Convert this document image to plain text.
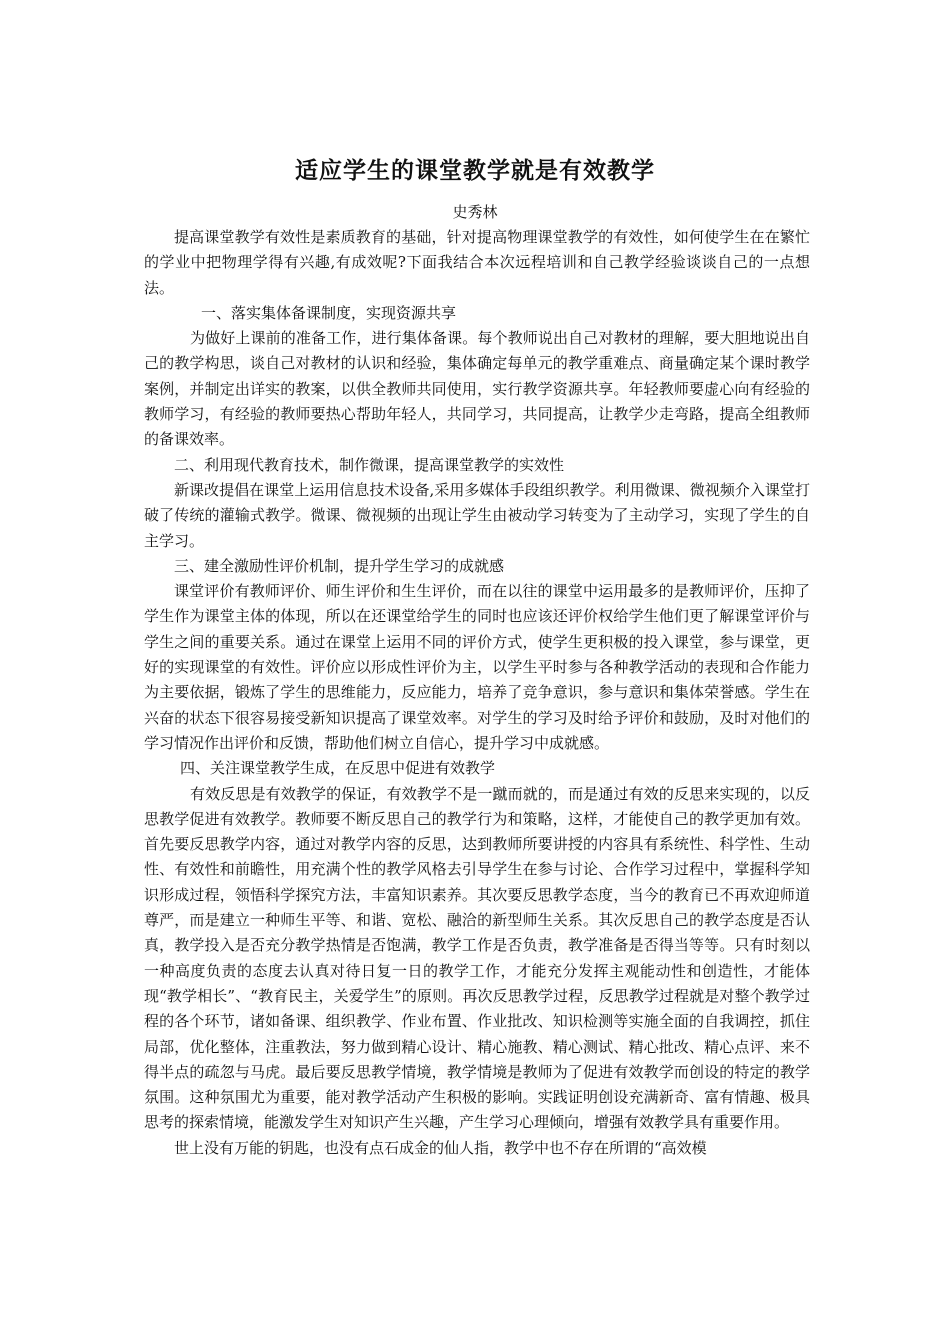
适应学生的课堂教学就是有效教学

史秀林

提高课堂教学有效性是素质教育的基础，针对提高物理课堂教学的有效性，如何使学生在在繁忙的学业中把物理学得有兴趣,有成效呢?下面我结合本次远程培训和自己教学经验谈谈自己的一点想法。

一、落实集体备课制度，实现资源共享

为做好上课前的准备工作，进行集体备课。每个教师说出自己对教材的理解，要大胆地说出自己的教学构思，谈自己对教材的认识和经验，集体确定每单元的教学重难点、商量确定某个课时教学案例，并制定出详实的教案，以供全教师共同使用，实行教学资源共享。年轻教师要虚心向有经验的教师学习，有经验的教师要热心帮助年轻人，共同学习，共同提高，让教学少走弯路，提高全组教师的备课效率。

二、利用现代教育技术，制作微课，提高课堂教学的实效性

新课改提倡在课堂上运用信息技术设备,采用多媒体手段组织教学。利用微课、微视频介入课堂打破了传统的灌输式教学。微课、微视频的出现让学生由被动学习转变为了主动学习，实现了学生的自主学习。

三、建全激励性评价机制，提升学生学习的成就感

课堂评价有教师评价、师生评价和生生评价，而在以往的课堂中运用最多的是教师评价，压抑了学生作为课堂主体的体现，所以在还课堂给学生的同时也应该还评价权给学生他们更了解课堂评价与学生之间的重要关系。通过在课堂上运用不同的评价方式，使学生更积极的投入课堂，参与课堂，更好的实现课堂的有效性。评价应以形成性评价为主，以学生平时参与各种教学活动的表现和合作能力为主要依据，锻炼了学生的思维能力，反应能力，培养了竞争意识，参与意识和集体荣誉感。学生在兴奋的状态下很容易接受新知识提高了课堂效率。对学生的学习及时给予评价和鼓励，及时对他们的学习情况作出评价和反馈，帮助他们树立自信心，提升学习中成就感。

四、关注课堂教学生成，在反思中促进有效教学

有效反思是有效教学的保证，有效教学不是一蹴而就的，而是通过有效的反思来实现的，以反思教学促进有效教学。教师要不断反思自己的教学行为和策略，这样，才能使自己的教学更加有效。首先要反思教学内容，通过对教学内容的反思，达到教师所要讲授的内容具有系统性、科学性、生动性、有效性和前瞻性，用充满个性的教学风格去引导学生在参与讨论、合作学习过程中，掌握科学知识形成过程，领悟科学探究方法，丰富知识素养。其次要反思教学态度，当今的教育已不再欢迎师道尊严，而是建立一种师生平等、和谐、宽松、融洽的新型师生关系。其次反思自己的教学态度是否认真，教学投入是否充分教学热情是否饱满，教学工作是否负责，教学准备是否得当等等。只有时刻以一种高度负责的态度去认真对待日复一日的教学工作，才能充分发挥主观能动性和创造性，才能体现“教学相长”、“教育民主，关爱学生”的原则。再次反思教学过程，反思教学过程就是对整个教学过程的各个环节，诸如备课、组织教学、作业布置、作业批改、知识检测等实施全面的自我调控，抓住局部，优化整体，注重教法，努力做到精心设计、精心施教、精心测试、精心批改、精心点评、来不得半点的疏忽与马虎。最后要反思教学情境，教学情境是教师为了促进有效教学而创设的特定的教学氛围。这种氛围尤为重要，能对教学活动产生积极的影响。实践证明创设充满新奇、富有情趣、极具思考的探索情境，能激发学生对知识产生兴趣，产生学习心理倾向，增强有效教学具有重要作用。

世上没有万能的钥匙，也没有点石成金的仙人指，教学中也不存在所谓的“高效模
